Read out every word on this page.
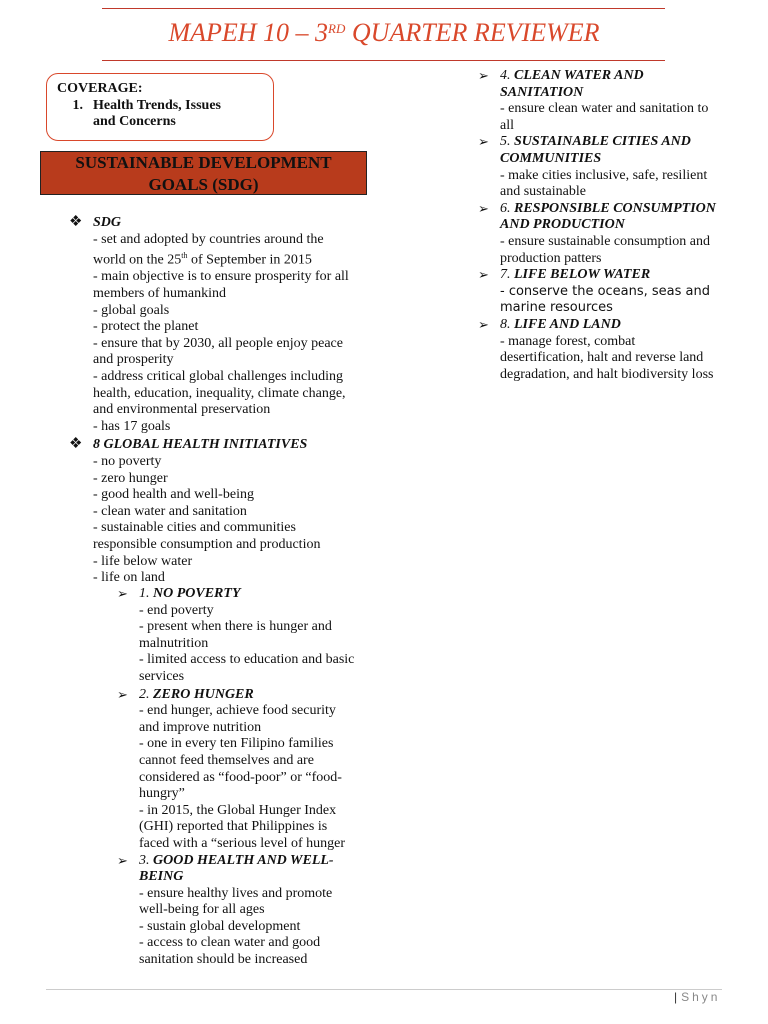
MAPEH 10 – 3RD QUARTER REVIEWER
COVERAGE:
1. Health Trends, Issues
and Concerns
SUSTAINABLE DEVELOPMENT
GOALS (SDG)
❖ SDG
- set and adopted by countries around the
world on the 25th of September in 2015
- main objective is to ensure prosperity for all
members of humankind
- global goals
- protect the planet
- ensure that by 2030, all people enjoy peace
and prosperity
- address critical global challenges including
health, education, inequality, climate change,
and environmental preservation
- has 17 goals
❖ 8 GLOBAL HEALTH INITIATIVES
- no poverty
- zero hunger
- good health and well-being
- clean water and sanitation
- sustainable cities and communities
responsible consumption and production
- life below water
- life on land
➢ 1. NO POVERTY
- end poverty
- present when there is hunger and
malnutrition
- limited access to education and basic
services
➢ 2. ZERO HUNGER
- end hunger, achieve food security
and improve nutrition
- one in every ten Filipino families
cannot feed themselves and are
considered as “food-poor” or “food-
hungry”
- in 2015, the Global Hunger Index
(GHI) reported that Philippines is
faced with a “serious level of hunger
➢ 3. GOOD HEALTH AND WELL-
BEING
- ensure healthy lives and promote
well-being for all ages
- sustain global development
- access to clean water and good
sanitation should be increased
➢ 4. CLEAN WATER AND
SANITATION
- ensure clean water and sanitation to
all
➢ 5. SUSTAINABLE CITIES AND
COMMUNITIES
- make cities inclusive, safe, resilient
and sustainable
➢ 6. RESPONSIBLE CONSUMPTION
AND PRODUCTION
- ensure sustainable consumption and
production patters
➢ 7. LIFE BELOW WATER
- conserve the oceans, seas and
marine resources
➢ 8. LIFE AND LAND
- manage forest, combat
desertification, halt and reverse land
degradation, and halt biodiversity loss
| Shyn
